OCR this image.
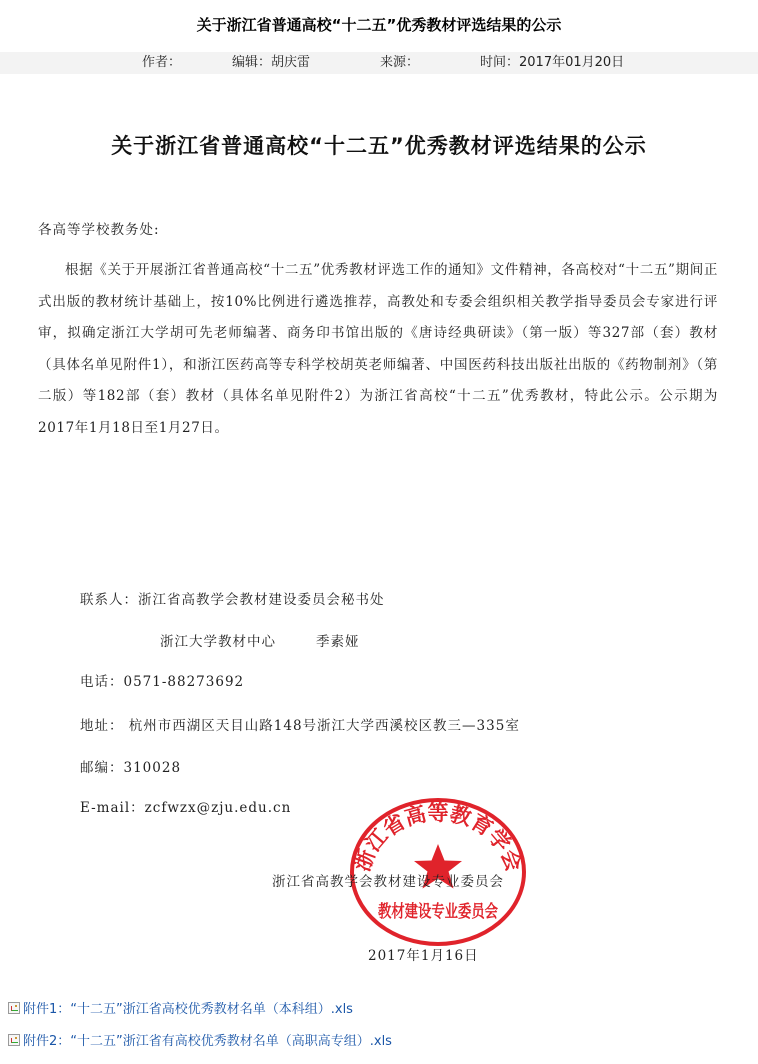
关于浙江省普通高校“十二五”优秀教材评选结果的公示
作者：	编辑：胡庆雷	来源：	时间：2017年01月20日
关于浙江省普通高校“十二五”优秀教材评选结果的公示
各高等学校教务处:
根据《关于开展浙江省普通高校“十二五”优秀教材评选工作的通知》文件精神，各高校对“十二五”期间正式出版的教材统计基础上，按10%比例进行遴选推荐，高教处和专委会组织相关教学指导委员会专家进行评审，拟确定浙江大学胡可先老师编著、商务印书馆出版的《唐诗经典研读》（第一版）等327部（套）教材（具体名单见附件1），和浙江医药高等专科学校胡英老师编著、中国医药科技出版社出版的《药物制剂》（第二版）等182部（套）教材（具体名单见附件2）为浙江省高校“十二五”优秀教材，特此公示。公示期为2017年1月18日至1月27日。
联系人：浙江省高教学会教材建设委员会秘书处
浙江大学教材中心	季素娅
电话：0571-88273692
地址： 杭州市西湖区天目山路148号浙江大学西溪校区教三—335室
邮编：310028
E-mail：zcfwzx@zju.edu.cn
浙江省高等教育学会
教材建设专业委员会
浙江省高教学会教材建设专业委员会
2017年1月16日
附件1：“十二五”浙江省高校优秀教材名单（本科组）.xls
附件2：“十二五”浙江省有高校优秀教材名单（高职高专组）.xls
